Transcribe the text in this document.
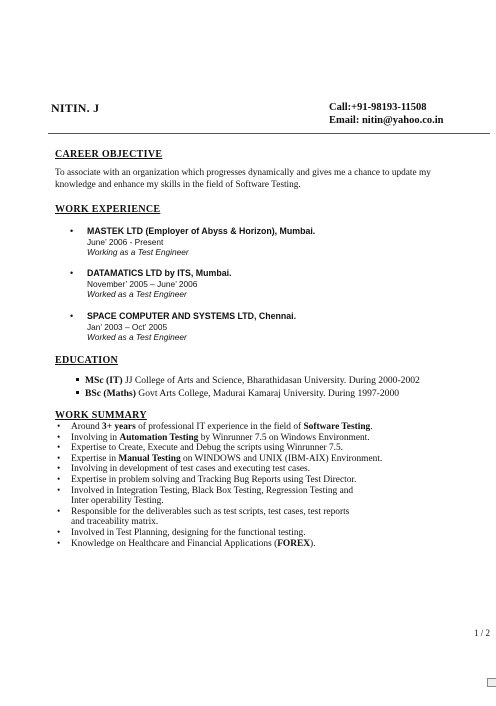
NITIN. J	Call:+91-98193-11508
Email: nitin@yahoo.co.in
CAREER OBJECTIVE
To associate with an organization which progresses dynamically and gives me a chance to update my
knowledge and enhance my skills in the field of Software Testing.
WORK EXPERIENCE
•	MASTEK LTD (Employer of Abyss & Horizon), Mumbai.
June’ 2006 - Present
Working as a Test Engineer
•	DATAMATICS LTD by ITS, Mumbai.
November’ 2005 – June’ 2006
Worked as a Test Engineer
•	SPACE COMPUTER AND SYSTEMS LTD, Chennai.
Jan’ 2003 – Oct’ 2005
Worked as a Test Engineer
EDUCATION
MSc (IT) JJ College of Arts and Science, Bharathidasan University. During 2000-2002
BSc (Maths) Govt Arts College, Madurai Kamaraj University. During 1997-2000
WORK SUMMARY
• Around 3+ years of professional IT experience in the field of Software Testing.
• Involving in Automation Testing by Winrunner 7.5 on Windows Environment.
• Expertise to Create, Execute and Debug the scripts using Winrunner 7.5.
• Expertise in Manual Testing on WINDOWS and UNIX (IBM-AIX) Environment.
• Involving in development of test cases and executing test cases.
• Expertise in problem solving and Tracking Bug Reports using Test Director.
• Involved in Integration Testing, Black Box Testing, Regression Testing and
Inter operability Testing.
• Responsible for the deliverables such as test scripts, test cases, test reports
and traceability matrix.
• Involved in Test Planning, designing for the functional testing.
• Knowledge on Healthcare and Financial Applications (FOREX).
1 / 2
